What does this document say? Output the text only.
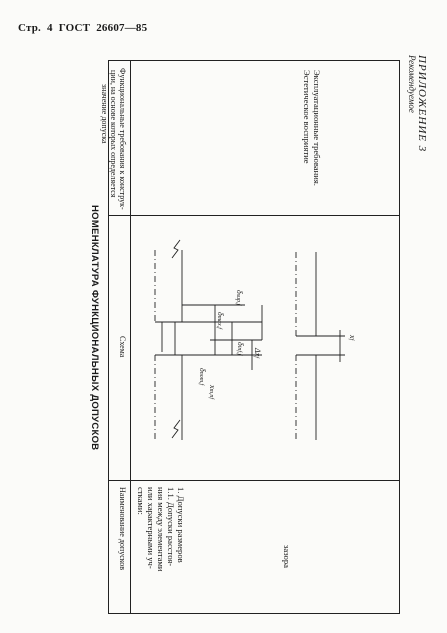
Стр. 4 ГОСТ 26607—85
ПРИЛОЖЕНИЕ 3
Рекомендуемое
НОМЕНКЛАТУРА ФУНКЦИОНАЛЬНЫХ ДОПУСКОВ
Наименование допусков
Схема
Функциональные требования к конструк-
ции, на основе которых определяется
значение допуска
1. Допуски размеров
1.1. Допуски расстоя-
ния между элементами
или характерными уч-
стками:
зазора
Эксплуатационные требования.
Эстетическое восприятие
δsup,f
δmax,f
δinf,f
δnom,f
xm,nf
Δxf
xf
